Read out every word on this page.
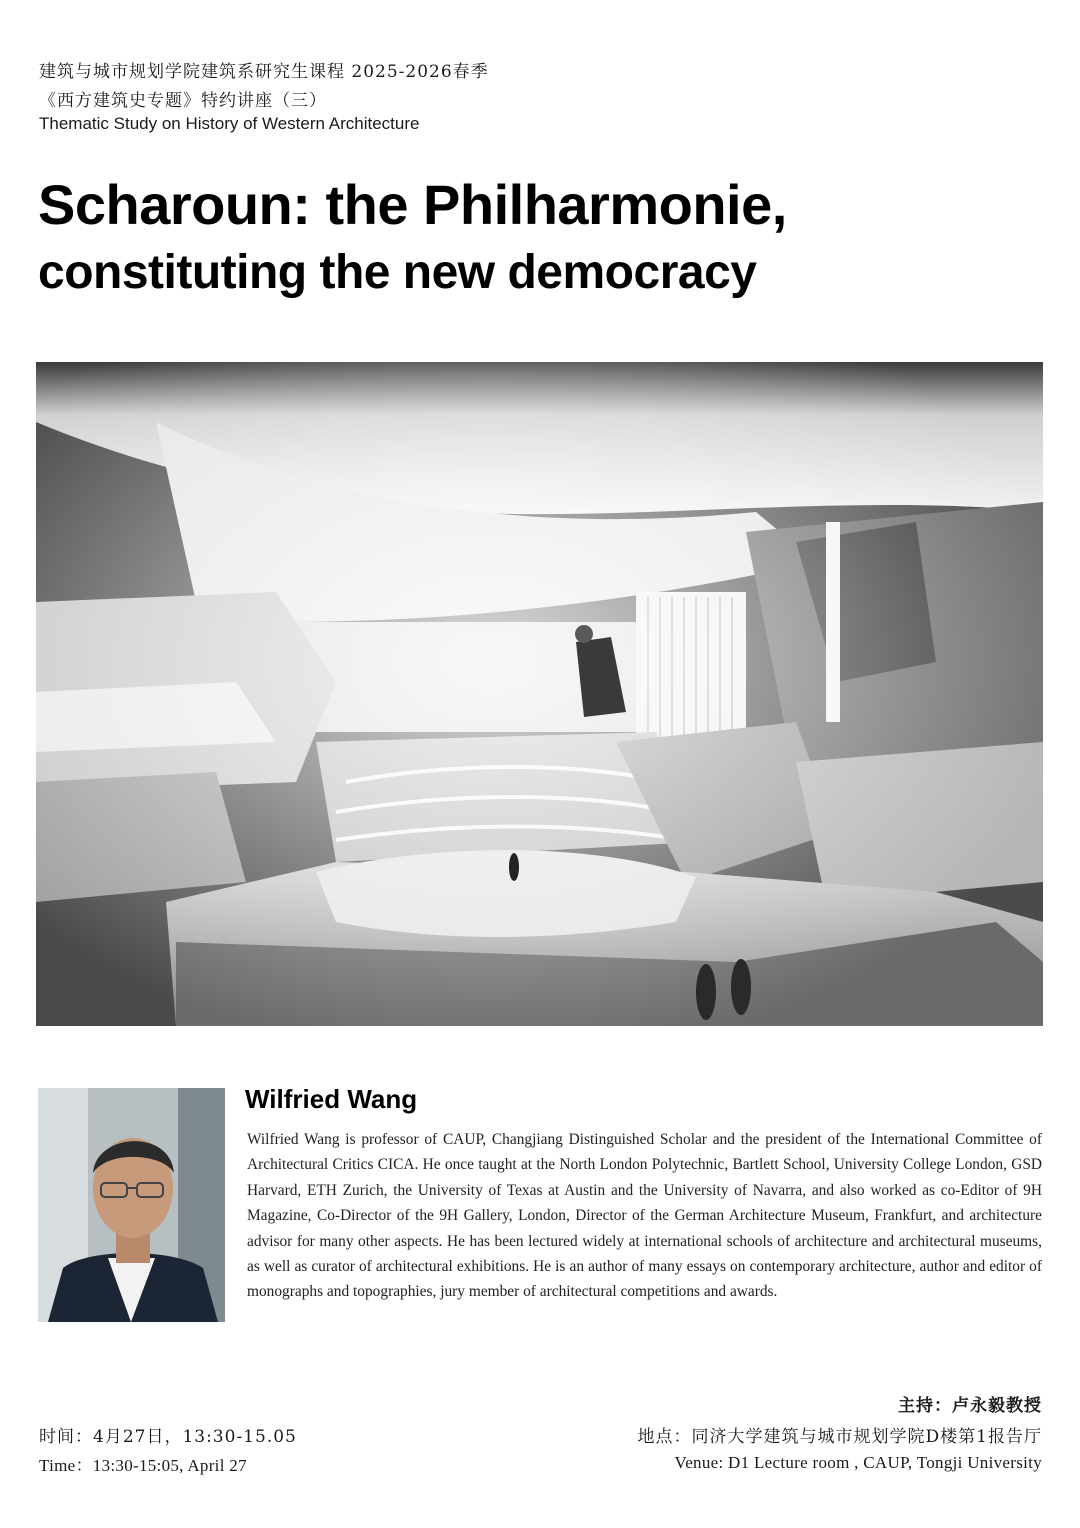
建筑与城市规划学院建筑系研究生课程 2025-2026春季
《西方建筑史专题》特约讲座（三）
Thematic Study on History of Western Architecture
Scharoun: the Philharmonie,
constituting the new democracy
Wilfried Wang
Wilfried Wang is professor of CAUP, Changjiang Distinguished Scholar and the president of the International Committee of Architectural Critics CICA. He once taught at the North London Polytechnic, Bartlett School, University College London, GSD Harvard, ETH Zurich, the University of Texas at Austin and the University of Navarra, and also worked as co-Editor of 9H Magazine, Co-Director of the 9H Gallery, London, Director of the German Architecture Museum, Frankfurt, and architecture advisor for many other aspects. He has been lectured widely at international schools of architecture and architectural museums, as well as curator of architectural exhibitions. He is an author of many essays on contemporary architecture, author and editor of monographs and topographies, jury member of architectural competitions and awards.
主持：卢永毅教授
地点：同济大学建筑与城市规划学院D楼第1报告厅
Venue: D1 Lecture room , CAUP, Tongji University
时间：4月27日，13:30-15.05
Time：13:30-15:05, April 27
